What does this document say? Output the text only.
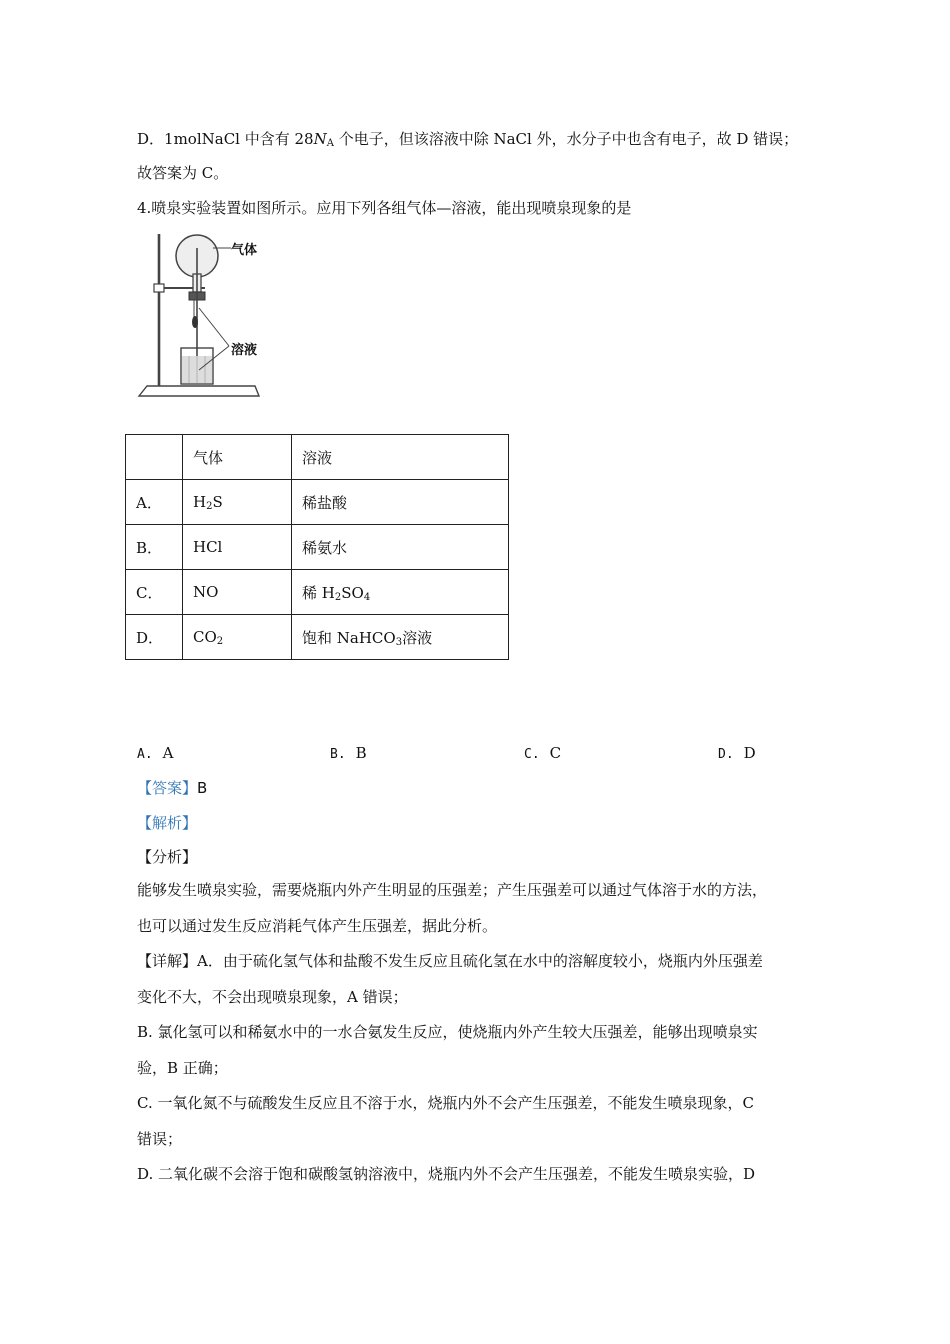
D．1molNaCl 中含有 $28N_A$ 个电子，但该溶液中除 NaCl 外，水分子中也含有电子，故 D 错误；
故答案为 C。
4.喷泉实验装置如图所示。应用下列各组气体—溶液，能出现喷泉现象的是
气体
溶液
	气体	溶液
A．	$H_2S$	稀盐酸
B．	HCl	稀氨水
C．	NO	稀 $H_2SO_4$
D．	$CO_2$	饱和 NaHCO$_3$溶液
A. A	B. B	C. C	D. D
【答案】B
【解析】
【分析】
能够发生喷泉实验，需要烧瓶内外产生明显的压强差；产生压强差可以通过气体溶于水的方法，
也可以通过发生反应消耗气体产生压强差，据此分析。
【详解】A．由于硫化氢气体和盐酸不发生反应且硫化氢在水中的溶解度较小，烧瓶内外压强差
变化不大，不会出现喷泉现象，A 错误；
B. 氯化氢可以和稀氨水中的一水合氨发生反应，使烧瓶内外产生较大压强差，能够出现喷泉实
验，B 正确；
C. 一氧化氮不与硫酸发生反应且不溶于水，烧瓶内外不会产生压强差，不能发生喷泉现象，C
错误；
D. 二氧化碳不会溶于饱和碳酸氢钠溶液中，烧瓶内外不会产生压强差，不能发生喷泉实验，D
